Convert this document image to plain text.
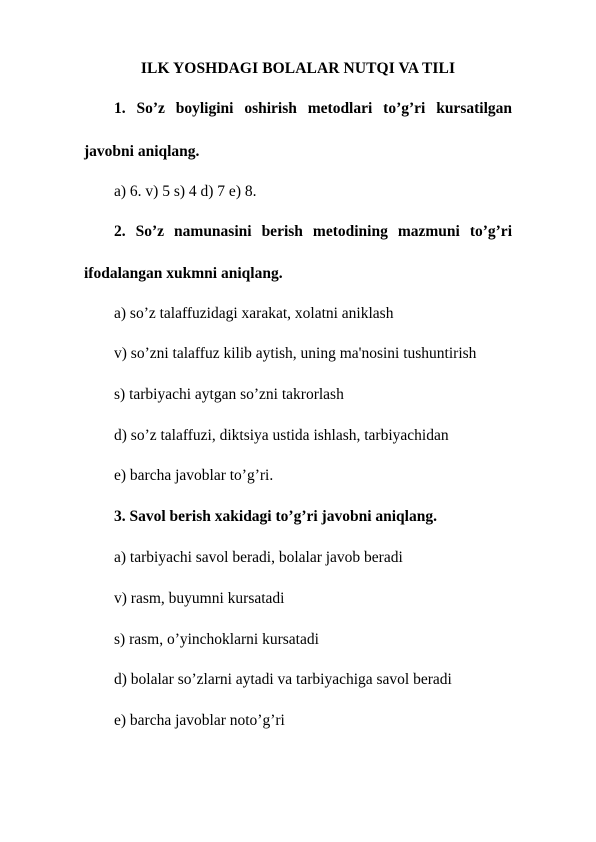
ILK YOSHDAGI BOLALAR NUTQI VA TILI
1. So’z boyligini oshirish metodlari to’g’ri kursatilgan
javobni aniqlang.
a) 6. v) 5 s) 4 d) 7 e) 8.
2. So’z namunasini berish metodining mazmuni to’g’ri
ifodalangan xukmni aniqlang.
a) so’z talaffuzidagi xarakat, xolatni aniklash
v) so’zni talaffuz kilib aytish, uning ma'nosini tushuntirish
s) tarbiyachi aytgan so’zni takrorlash
d) so’z talaffuzi, diktsiya ustida ishlash, tarbiyachidan
e) barcha javoblar to’g’ri.
3. Savol berish xakidagi to’g’ri javobni aniqlang.
a) tarbiyachi savol beradi, bolalar javob beradi
v) rasm, buyumni kursatadi
s) rasm, o’yinchoklarni kursatadi
d) bolalar so’zlarni aytadi va tarbiyachiga savol beradi
e) barcha javoblar noto’g’ri
